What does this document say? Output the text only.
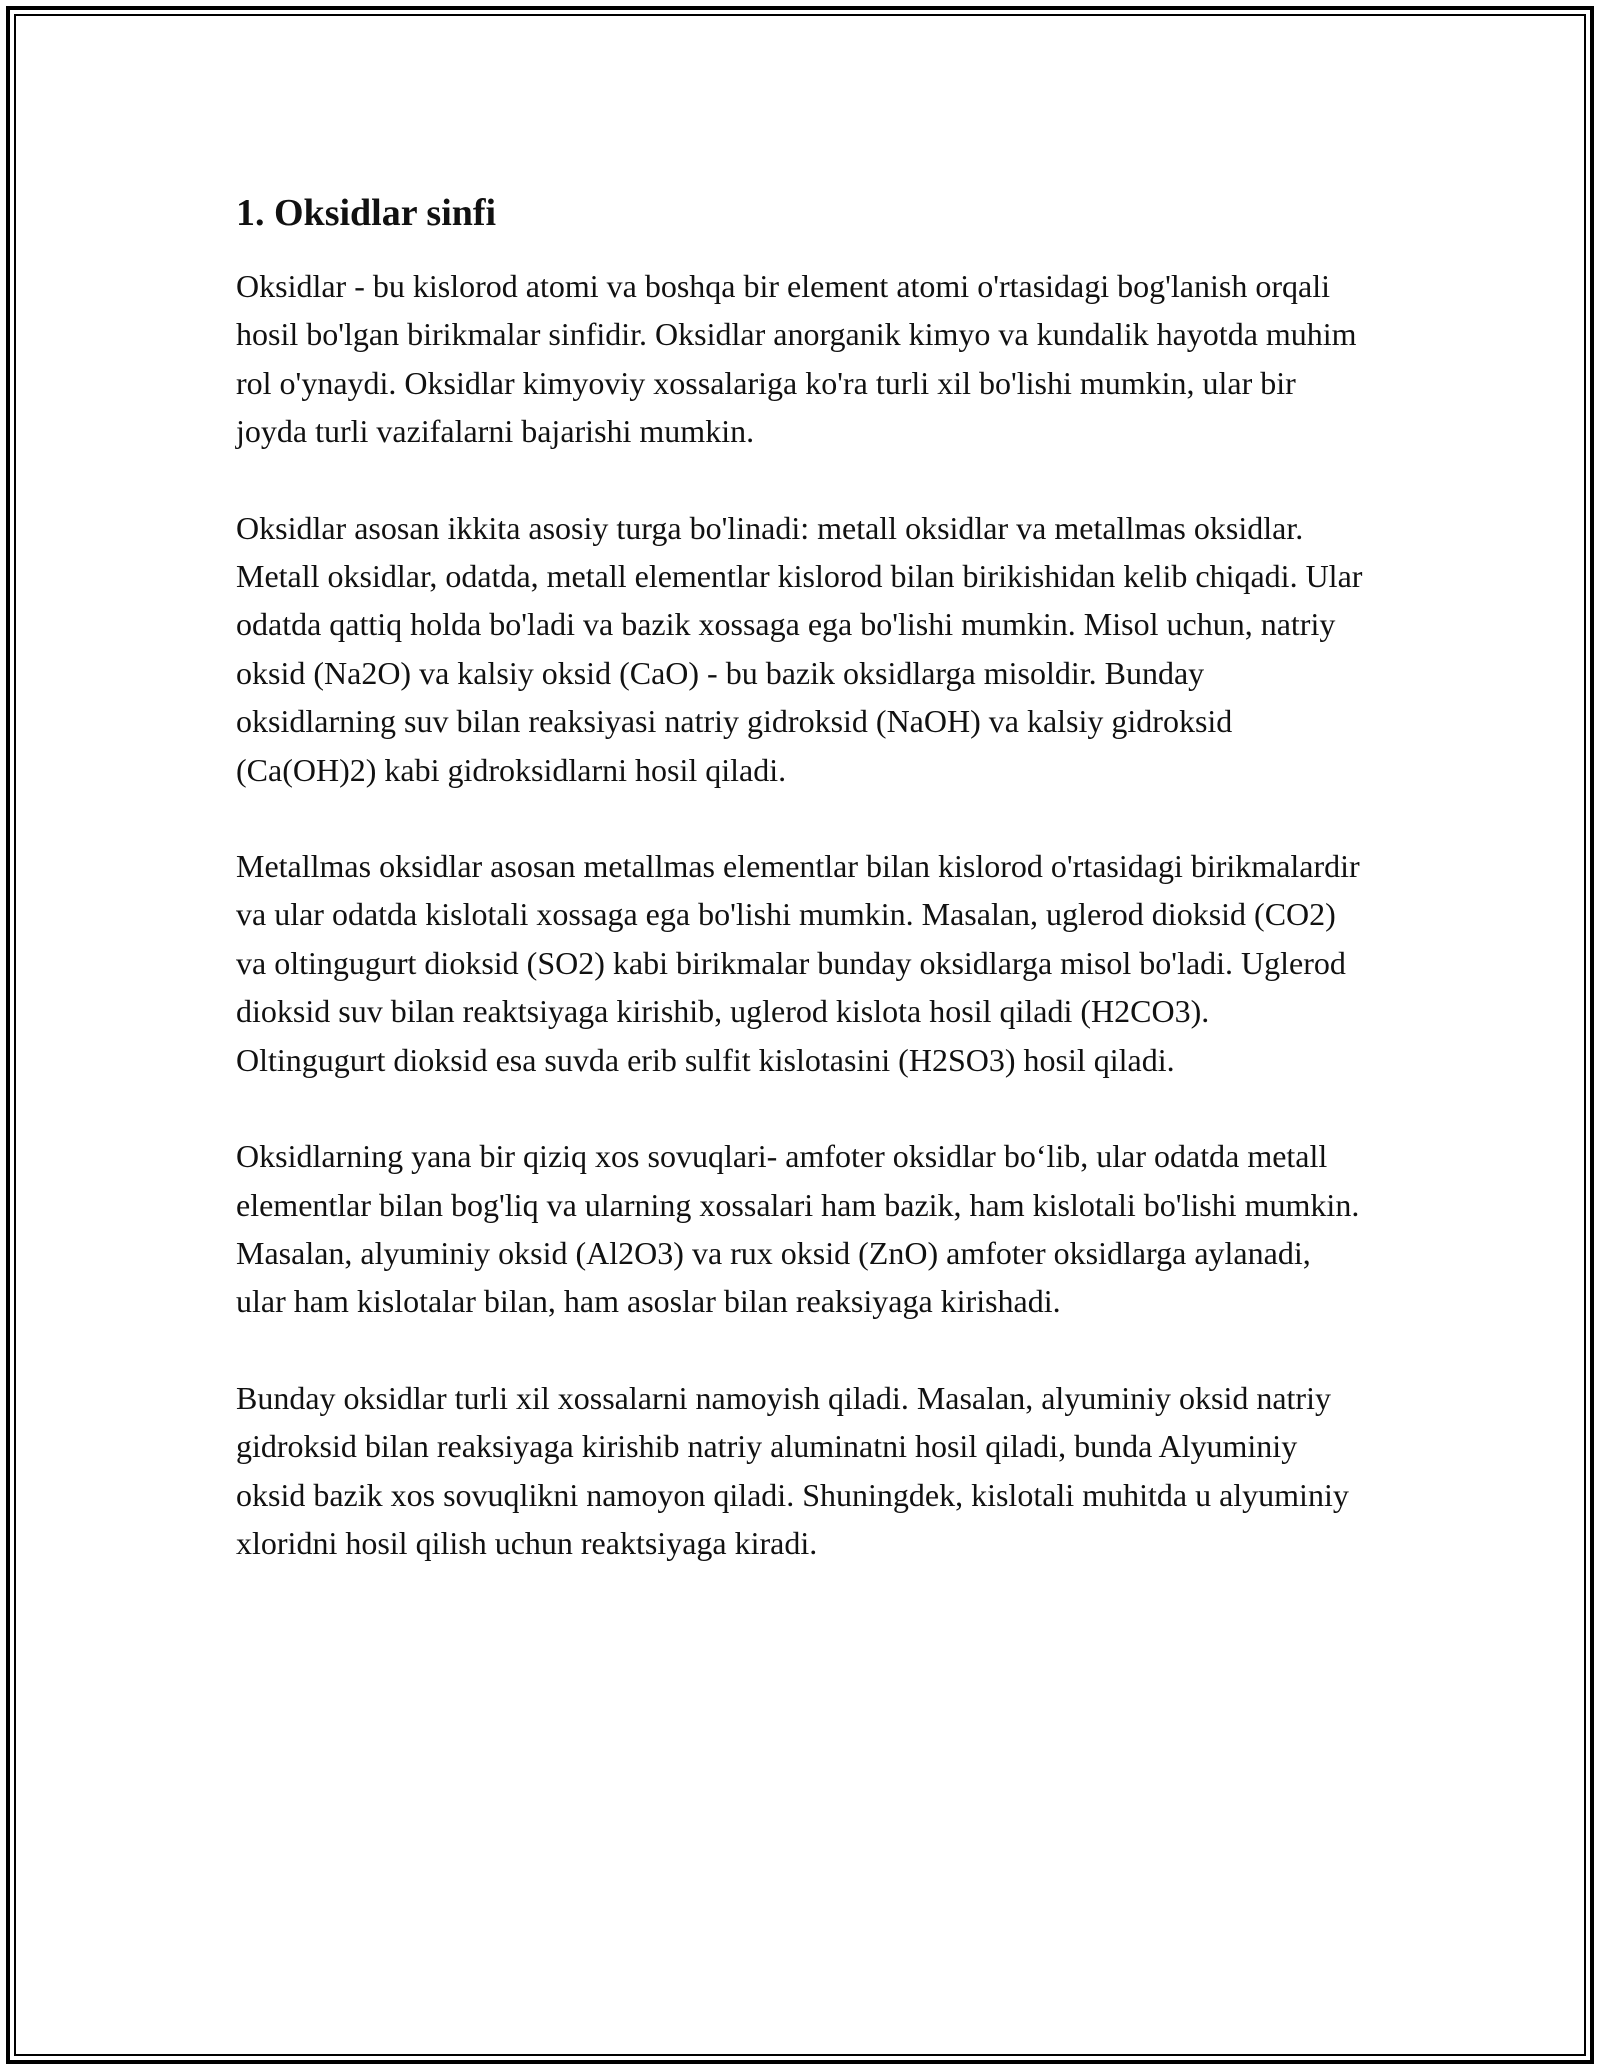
1. Oksidlar sinfi

Oksidlar - bu kislorod atomi va boshqa bir element atomi o'rtasidagi bog'lanish orqali hosil bo'lgan birikmalar sinfidir. Oksidlar anorganik kimyo va kundalik hayotda muhim rol o'ynaydi. Oksidlar kimyoviy xossalariga ko'ra turli xil bo'lishi mumkin, ular bir joyda turli vazifalarni bajarishi mumkin.

Oksidlar asosan ikkita asosiy turga bo'linadi: metall oksidlar va metallmas oksidlar. Metall oksidlar, odatda, metall elementlar kislorod bilan birikishidan kelib chiqadi. Ular odatda qattiq holda bo'ladi va bazik xossaga ega bo'lishi mumkin. Misol uchun, natriy oksid (Na2O) va kalsiy oksid (CaO) - bu bazik oksidlarga misoldir. Bunday oksidlarning suv bilan reaksiyasi natriy gidroksid (NaOH) va kalsiy gidroksid (Ca(OH)2) kabi gidroksidlarni hosil qiladi.

Metallmas oksidlar asosan metallmas elementlar bilan kislorod o'rtasidagi birikmalardir va ular odatda kislotali xossaga ega bo'lishi mumkin. Masalan, uglerod dioksid (CO2) va oltingugurt dioksid (SO2) kabi birikmalar bunday oksidlarga misol bo'ladi. Uglerod dioksid suv bilan reaktsiyaga kirishib, uglerod kislota hosil qiladi (H2CO3). Oltingugurt dioksid esa suvda erib sulfit kislotasini (H2SO3) hosil qiladi.

Oksidlarning yana bir qiziq xos sovuqlari- amfoter oksidlar bo‘lib, ular odatda metall elementlar bilan bog'liq va ularning xossalari ham bazik, ham kislotali bo'lishi mumkin. Masalan, alyuminiy oksid (Al2O3) va rux oksid (ZnO) amfoter oksidlarga aylanadi, ular ham kislotalar bilan, ham asoslar bilan reaksiyaga kirishadi.

Bunday oksidlar turli xil xossalarni namoyish qiladi. Masalan, alyuminiy oksid natriy gidroksid bilan reaksiyaga kirishib natriy aluminatni hosil qiladi, bunda Alyuminiy oksid bazik xos sovuqlikni namoyon qiladi. Shuningdek, kislotali muhitda u alyuminiy xloridni hosil qilish uchun reaktsiyaga kiradi.
